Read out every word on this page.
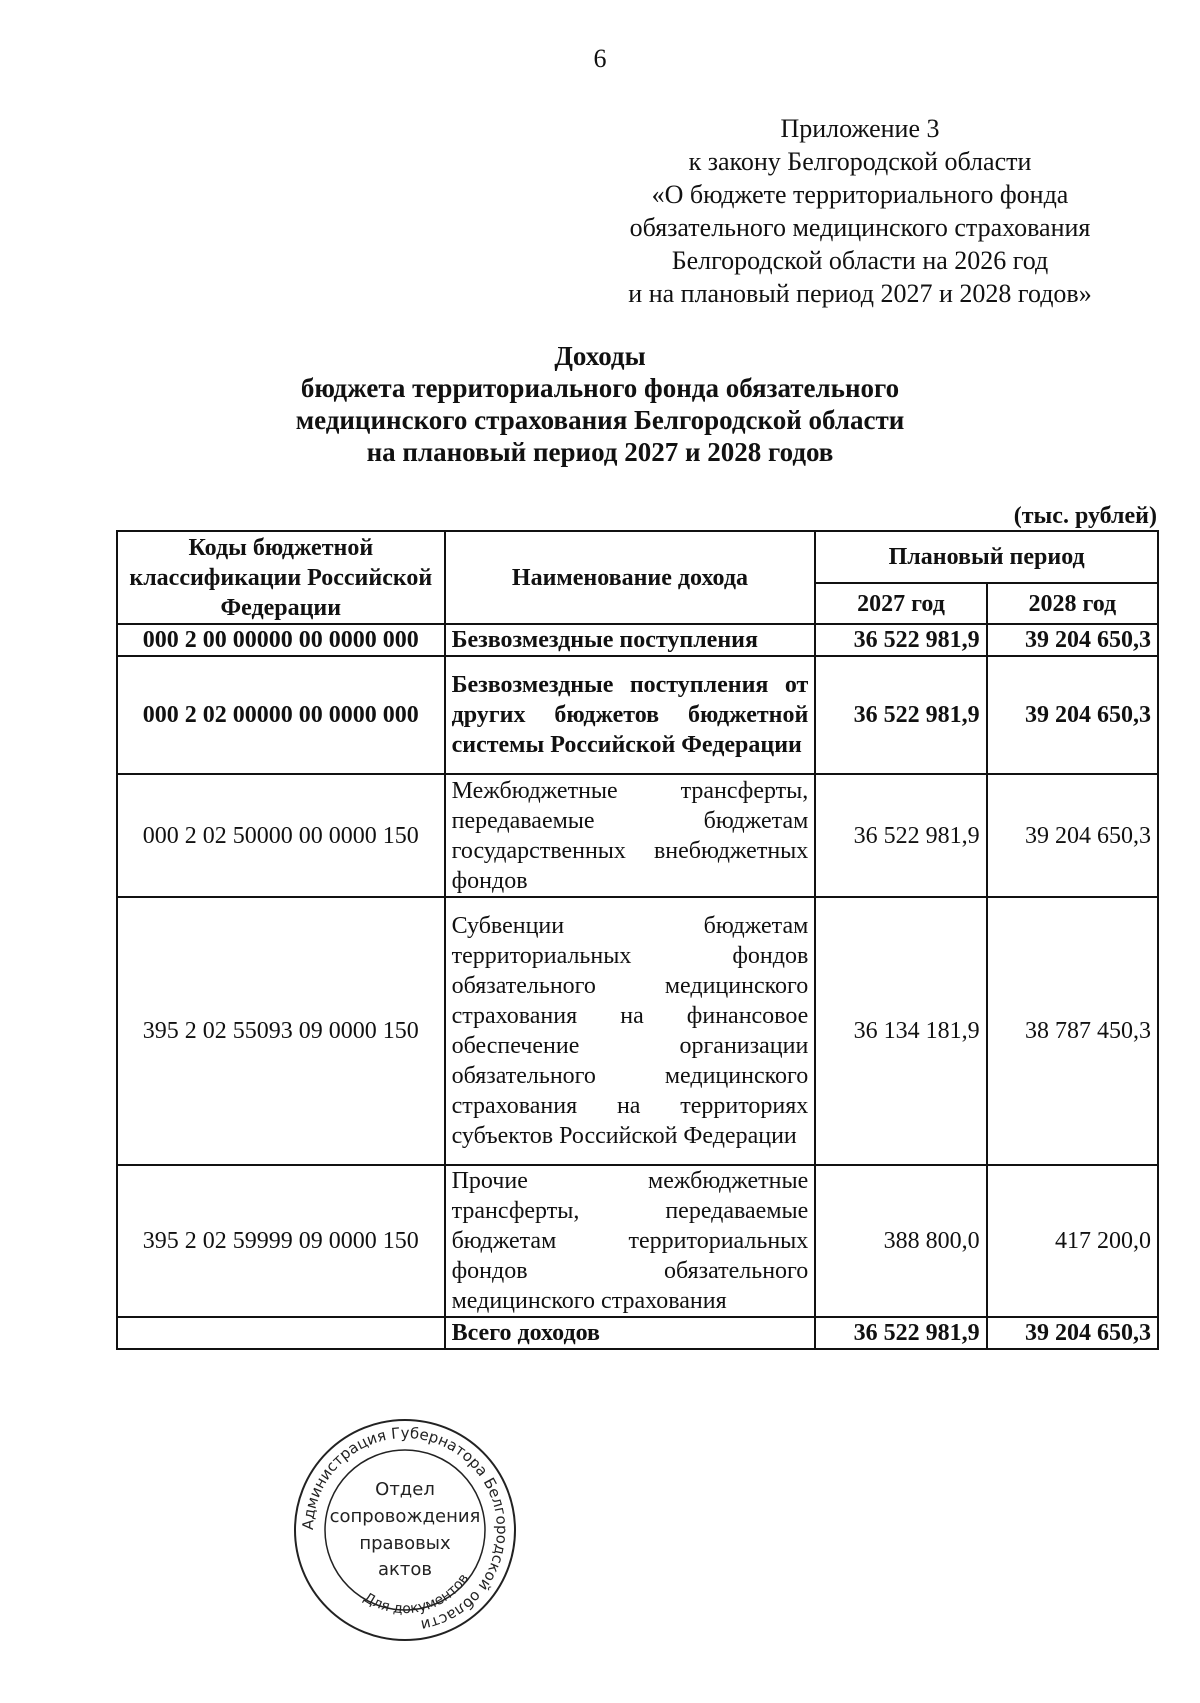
6
Приложение 3
к закону Белгородской области
«О бюджете территориального фонда
обязательного медицинского страхования
Белгородской области на 2026 год
и на плановый период 2027 и 2028 годов»
Доходы
бюджета территориального фонда обязательного
медицинского страхования Белгородской области
на плановый период 2027 и 2028 годов
(тыс. рублей)
Коды бюджетной классификации Российской Федерации	Наименование дохода	Плановый период	
		2027 год	2028 год
000 2 00 00000 00 0000 000	Безвозмездные поступления	36 522 981,9	39 204 650,3
000 2 02 00000 00 0000 000	Безвозмездные поступления от других бюджетов бюджетной системы Российской Федерации	36 522 981,9	39 204 650,3
000 2 02 50000 00 0000 150	Межбюджетные трансферты, передаваемые бюджетам государственных внебюджетных фондов	36 522 981,9	39 204 650,3
395 2 02 55093 09 0000 150	Субвенции бюджетам территориальных фондов обязательного медицинского страхования на финансовое обеспечение организации обязательного медицинского страхования на территориях субъектов Российской Федерации	36 134 181,9	38 787 450,3
395 2 02 59999 09 0000 150	Прочие межбюджетные трансферты, передаваемые бюджетам территориальных фондов обязательного медицинского страхования	388 800,0	417 200,0
	Всего доходов	36 522 981,9	39 204 650,3
Администрация Губернатора Белгородской области
Для документов
Отдел
сопровождения
правовых
актов
